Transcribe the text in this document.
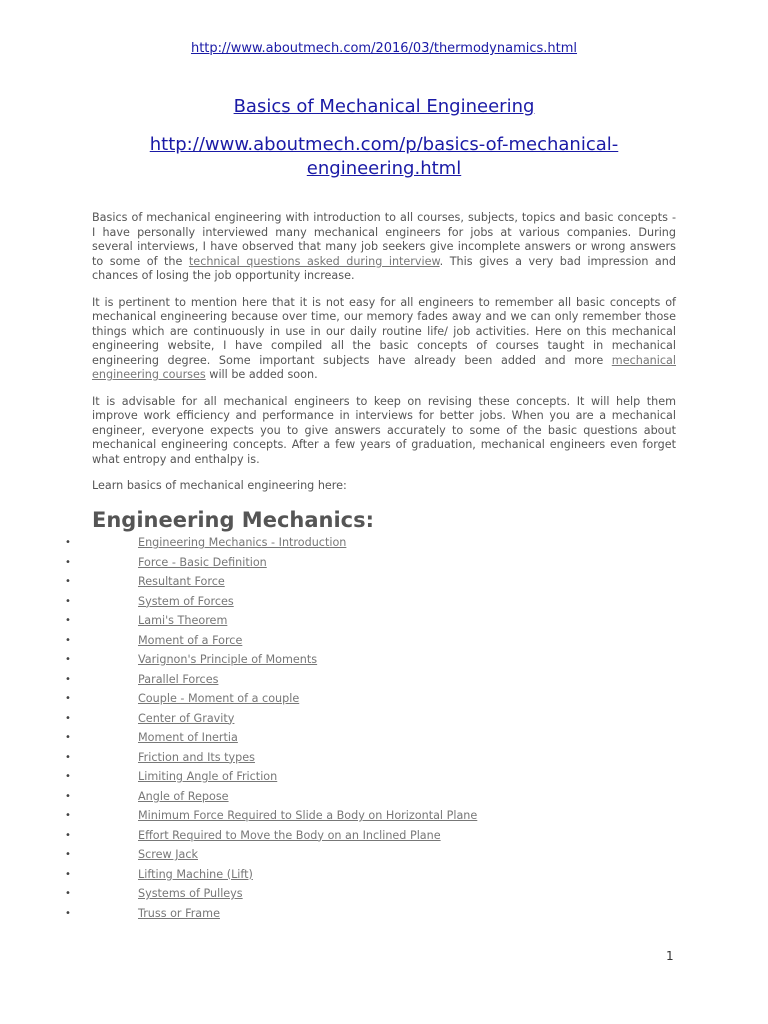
http://www.aboutmech.com/2016/03/thermodynamics.html
Basics of Mechanical Engineering
http://www.aboutmech.com/p/basics-of-mechanical-
engineering.html

Basics of mechanical engineering with introduction to all courses, subjects, topics and basic concepts - I have personally interviewed many mechanical engineers for jobs at various companies. During several interviews, I have observed that many job seekers give incomplete answers or wrong answers to some of the technical questions asked during interview. This gives a very bad impression and chances of losing the job opportunity increase.

It is pertinent to mention here that it is not easy for all engineers to remember all basic concepts of mechanical engineering because over time, our memory fades away and we can only remember those things which are continuously in use in our daily routine life/ job activities. Here on this mechanical engineering website, I have compiled all the basic concepts of courses taught in mechanical engineering degree. Some important subjects have already been added and more mechanical engineering courses will be added soon.

It is advisable for all mechanical engineers to keep on revising these concepts. It will help them improve work efficiency and performance in interviews for better jobs. When you are a mechanical engineer, everyone expects you to give answers accurately to some of the basic questions about mechanical engineering concepts. After a few years of graduation, mechanical engineers even forget what entropy and enthalpy is.

Learn basics of mechanical engineering here:

Engineering Mechanics:
•	Engineering Mechanics - Introduction
•	Force - Basic Definition
•	Resultant Force
•	System of Forces
•	Lami's Theorem
•	Moment of a Force
•	Varignon's Principle of Moments
•	Parallel Forces
•	Couple - Moment of a couple
•	Center of Gravity
•	Moment of Inertia
•	Friction and Its types
•	Limiting Angle of Friction
•	Angle of Repose
•	Minimum Force Required to Slide a Body on Horizontal Plane
•	Effort Required to Move the Body on an Inclined Plane
•	Screw Jack
•	Lifting Machine (Lift)
•	Systems of Pulleys
•	Truss or Frame
1
